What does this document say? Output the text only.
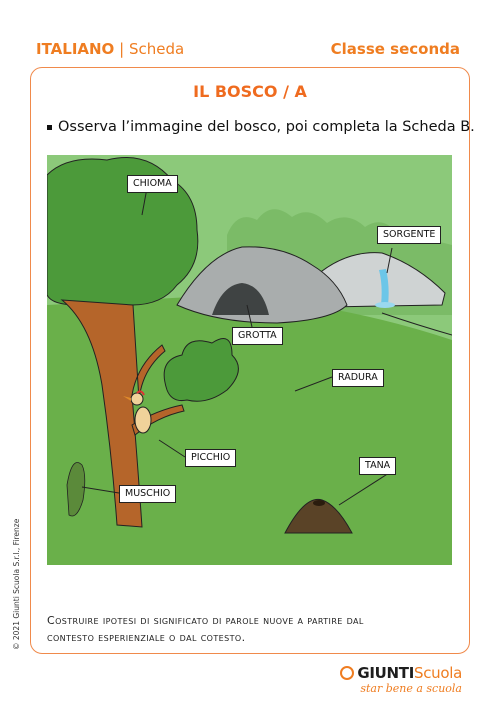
ITALIANO | Scheda	Classe seconda
IL BOSCO / A
Osserva l’immagine del bosco, poi completa la Scheda B.
CHIOMA
SORGENTE
GROTTA
RADURA
PICCHIO
TANA
MUSCHIO
Costruire ipotesi di significato di parole nuove a partire dal
contesto esperienziale o dal cotesto.
© 2021 Giunti Scuola S.r.l., Firenze
GIUNTIScuola
star bene a scuola
